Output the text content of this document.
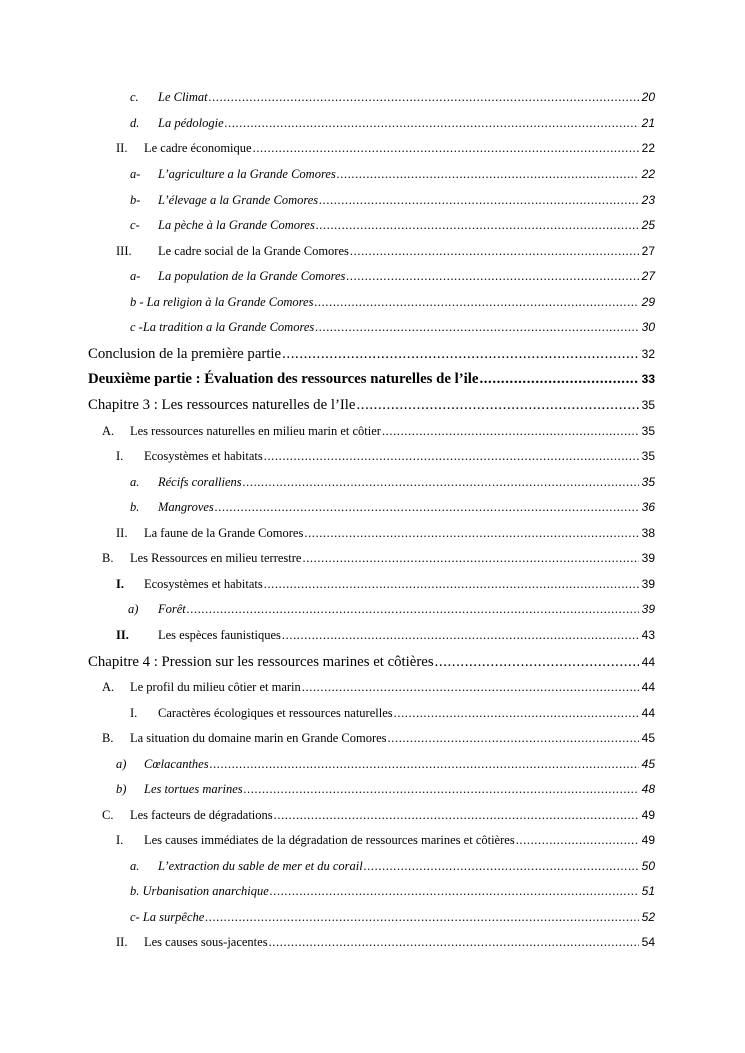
c.	Le Climat .....	20
d.	La pédologie .....	21
II.	Le cadre économique .....	22
a-	L’agriculture a la Grande Comores .....	22
b-	L’élevage a la Grande Comores .....	23
c-	La pèche à la Grande Comores .....	25
III.	Le cadre social de la Grande Comores .....	27
a-	La population de la Grande Comores .....	27
b - La religion à la Grande Comores .....	29
c -La tradition a la Grande Comores .....	30
Conclusion de la première partie .....	32
Deuxième partie : Évaluation des ressources naturelles de l’ile .....	33
Chapitre 3 : Les ressources naturelles de l’Ile .....	35
A.	Les ressources naturelles en milieu marin et côtier .....	35
I.	Ecosystèmes et habitats .....	35
a.	Récifs coralliens .....	35
b.	Mangroves .....	36
II.	La faune de la Grande Comores .....	38
B.	Les Ressources en milieu terrestre .....	39
I.	Ecosystèmes et habitats .....	39
a)	Forêt .....	39
II.	Les espèces faunistiques .....	43
Chapitre 4 : Pression sur les ressources marines et côtières .....	44
A.	Le profil du milieu côtier et marin .....	44
I.	Caractères écologiques et ressources naturelles .....	44
B.	La situation du domaine marin en Grande Comores .....	45
a)	Cœlacanthes .....	45
b)	Les tortues marines .....	48
C.	Les facteurs de dégradations .....	49
I.	Les causes immédiates de la dégradation de ressources marines et côtières .....	49
a.	L’extraction du sable de mer et du corail .....	50
b. Urbanisation anarchique .....	51
c- La surpêche .....	52
II.	Les causes sous-jacentes .....	54
